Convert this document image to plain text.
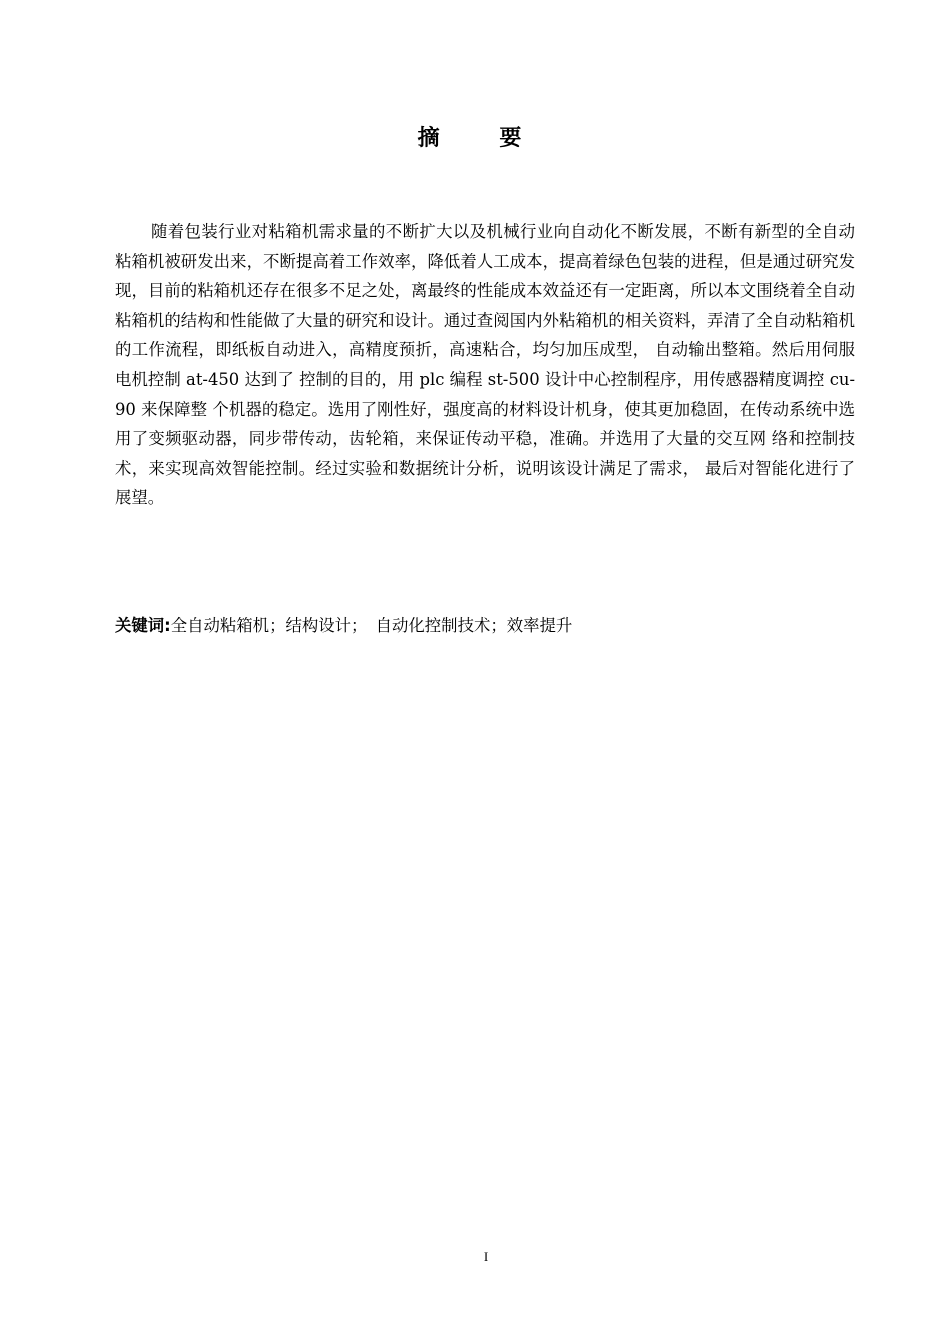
摘 要
随着包装行业对粘箱机需求量的不断扩大以及机械行业向自动化不断发展，不断有新型的全自动粘箱机被研发出来，不断提高着工作效率，降低着人工成本，提高着绿色包装的进程，但是通过研究发现，目前的粘箱机还存在很多不足之处，离最终的性能成本效益还有一定距离，所以本文围绕着全自动粘箱机的结构和性能做了大量的研究和设计。通过查阅国内外粘箱机的相关资料，弄清了全自动粘箱机的工作流程，即纸板自动进入，高精度预折，高速粘合，均匀加压成型， 自动输出整箱。然后用伺服电机控制 at-450 达到了 控制的目的，用 plc 编程 st-500 设计中心控制程序，用传感器精度调控 cu-90 来保障整 个机器的稳定。选用了刚性好，强度高的材料设计机身，使其更加稳固，在传动系统中选 用了变频驱动器，同步带传动，齿轮箱，来保证传动平稳，准确。并选用了大量的交互网 络和控制技术，来实现高效智能控制。经过实验和数据统计分析，说明该设计满足了需求， 最后对智能化进行了展望。
关键词:全自动粘箱机；结构设计；　自动化控制技术；效率提升
I
